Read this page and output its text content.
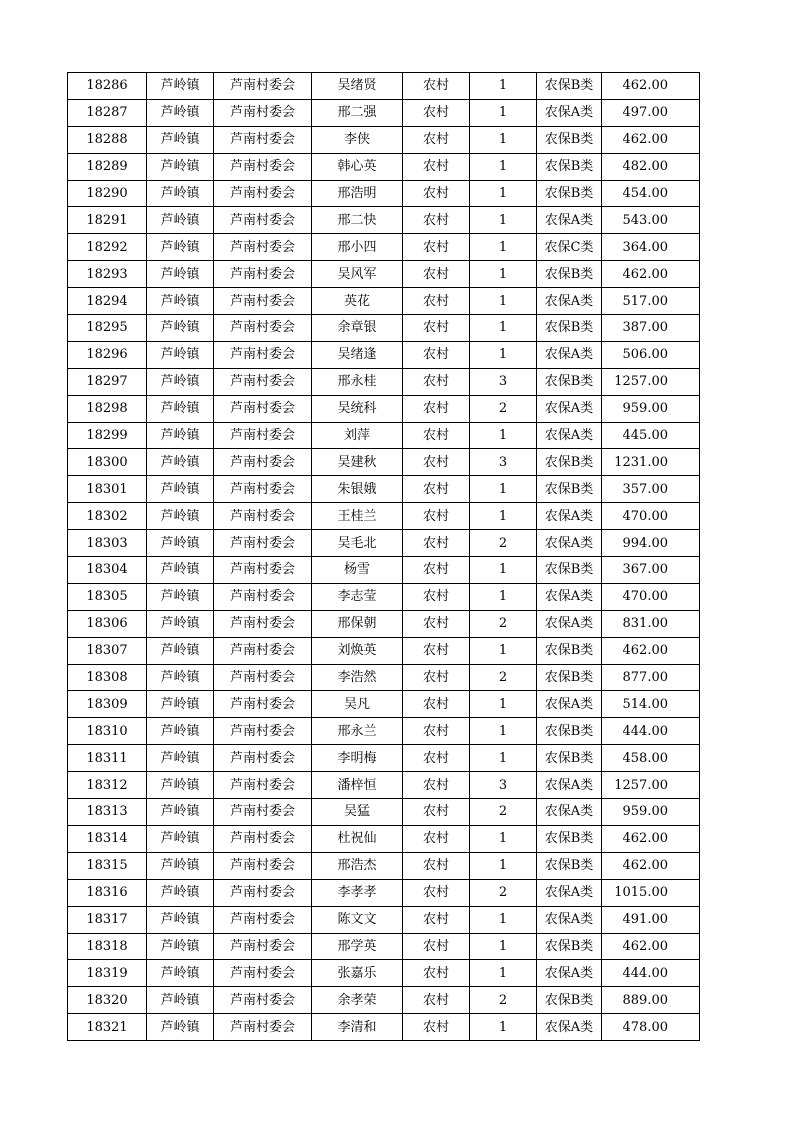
18286	芦岭镇	芦南村委会	吴绪贤	农村	1	农保B类	462.00
18287	芦岭镇	芦南村委会	邢二强	农村	1	农保A类	497.00
18288	芦岭镇	芦南村委会	李侠	农村	1	农保B类	462.00
18289	芦岭镇	芦南村委会	韩心英	农村	1	农保B类	482.00
18290	芦岭镇	芦南村委会	邢浩明	农村	1	农保B类	454.00
18291	芦岭镇	芦南村委会	邢二快	农村	1	农保A类	543.00
18292	芦岭镇	芦南村委会	邢小四	农村	1	农保C类	364.00
18293	芦岭镇	芦南村委会	吴风军	农村	1	农保B类	462.00
18294	芦岭镇	芦南村委会	英花	农村	1	农保A类	517.00
18295	芦岭镇	芦南村委会	余章银	农村	1	农保B类	387.00
18296	芦岭镇	芦南村委会	吴绪逢	农村	1	农保A类	506.00
18297	芦岭镇	芦南村委会	邢永桂	农村	3	农保B类	1257.00
18298	芦岭镇	芦南村委会	吴统科	农村	2	农保A类	959.00
18299	芦岭镇	芦南村委会	刘萍	农村	1	农保A类	445.00
18300	芦岭镇	芦南村委会	吴建秋	农村	3	农保B类	1231.00
18301	芦岭镇	芦南村委会	朱银娥	农村	1	农保B类	357.00
18302	芦岭镇	芦南村委会	王桂兰	农村	1	农保A类	470.00
18303	芦岭镇	芦南村委会	吴毛北	农村	2	农保A类	994.00
18304	芦岭镇	芦南村委会	杨雪	农村	1	农保B类	367.00
18305	芦岭镇	芦南村委会	李志莹	农村	1	农保A类	470.00
18306	芦岭镇	芦南村委会	邢保朝	农村	2	农保A类	831.00
18307	芦岭镇	芦南村委会	刘焕英	农村	1	农保B类	462.00
18308	芦岭镇	芦南村委会	李浩然	农村	2	农保B类	877.00
18309	芦岭镇	芦南村委会	吴凡	农村	1	农保A类	514.00
18310	芦岭镇	芦南村委会	邢永兰	农村	1	农保B类	444.00
18311	芦岭镇	芦南村委会	李明梅	农村	1	农保B类	458.00
18312	芦岭镇	芦南村委会	潘梓恒	农村	3	农保A类	1257.00
18313	芦岭镇	芦南村委会	吴猛	农村	2	农保A类	959.00
18314	芦岭镇	芦南村委会	杜祝仙	农村	1	农保B类	462.00
18315	芦岭镇	芦南村委会	邢浩杰	农村	1	农保B类	462.00
18316	芦岭镇	芦南村委会	李孝孝	农村	2	农保A类	1015.00
18317	芦岭镇	芦南村委会	陈文文	农村	1	农保A类	491.00
18318	芦岭镇	芦南村委会	邢学英	农村	1	农保B类	462.00
18319	芦岭镇	芦南村委会	张嘉乐	农村	1	农保A类	444.00
18320	芦岭镇	芦南村委会	余孝荣	农村	2	农保B类	889.00
18321	芦岭镇	芦南村委会	李清和	农村	1	农保A类	478.00
